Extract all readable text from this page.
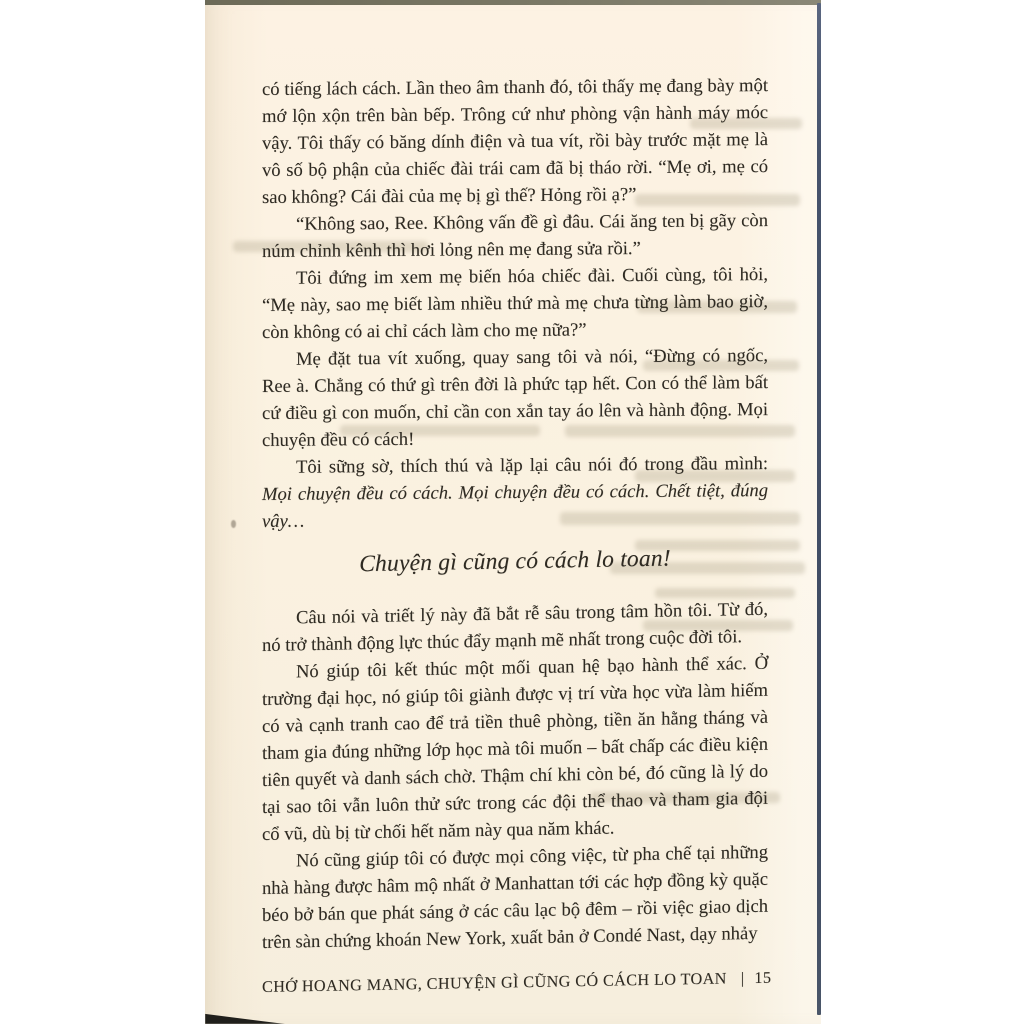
có tiếng lách cách. Lần theo âm thanh đó, tôi thấy mẹ đang bày một mớ lộn xộn trên bàn bếp. Trông cứ như phòng vận hành máy móc vậy. Tôi thấy có băng dính điện và tua vít, rồi bày trước mặt mẹ là vô số bộ phận của chiếc đài trái cam đã bị tháo rời. “Mẹ ơi, mẹ có sao không? Cái đài của mẹ bị gì thế? Hỏng rồi ạ?”

“Không sao, Ree. Không vấn đề gì đâu. Cái ăng ten bị gãy còn núm chỉnh kênh thì hơi lỏng nên mẹ đang sửa rồi.”

Tôi đứng im xem mẹ biến hóa chiếc đài. Cuối cùng, tôi hỏi, “Mẹ này, sao mẹ biết làm nhiều thứ mà mẹ chưa từng làm bao giờ, còn không có ai chỉ cách làm cho mẹ nữa?”

Mẹ đặt tua vít xuống, quay sang tôi và nói, “Đừng có ngốc, Ree à. Chẳng có thứ gì trên đời là phức tạp hết. Con có thể làm bất cứ điều gì con muốn, chỉ cần con xắn tay áo lên và hành động. Mọi chuyện đều có cách!

Tôi sững sờ, thích thú và lặp lại câu nói đó trong đầu mình: Mọi chuyện đều có cách. Mọi chuyện đều có cách. Chết tiệt, đúng vậy…

Chuyện gì cũng có cách lo toan!

Câu nói và triết lý này đã bắt rễ sâu trong tâm hồn tôi. Từ đó, nó trở thành động lực thúc đẩy mạnh mẽ nhất trong cuộc đời tôi.

Nó giúp tôi kết thúc một mối quan hệ bạo hành thể xác. Ở trường đại học, nó giúp tôi giành được vị trí vừa học vừa làm hiếm có và cạnh tranh cao để trả tiền thuê phòng, tiền ăn hằng tháng và tham gia đúng những lớp học mà tôi muốn – bất chấp các điều kiện tiên quyết và danh sách chờ. Thậm chí khi còn bé, đó cũng là lý do tại sao tôi vẫn luôn thử sức trong các đội thể thao và tham gia đội cổ vũ, dù bị từ chối hết năm này qua năm khác.

Nó cũng giúp tôi có được mọi công việc, từ pha chế tại những nhà hàng được hâm mộ nhất ở Manhattan tới các hợp đồng kỳ quặc béo bở bán que phát sáng ở các câu lạc bộ đêm – rồi việc giao dịch trên sàn chứng khoán New York, xuất bản ở Condé Nast, dạy nhảy

CHỚ HOANG MANG, CHUYỆN GÌ CŨNG CÓ CÁCH LO TOAN | 15
